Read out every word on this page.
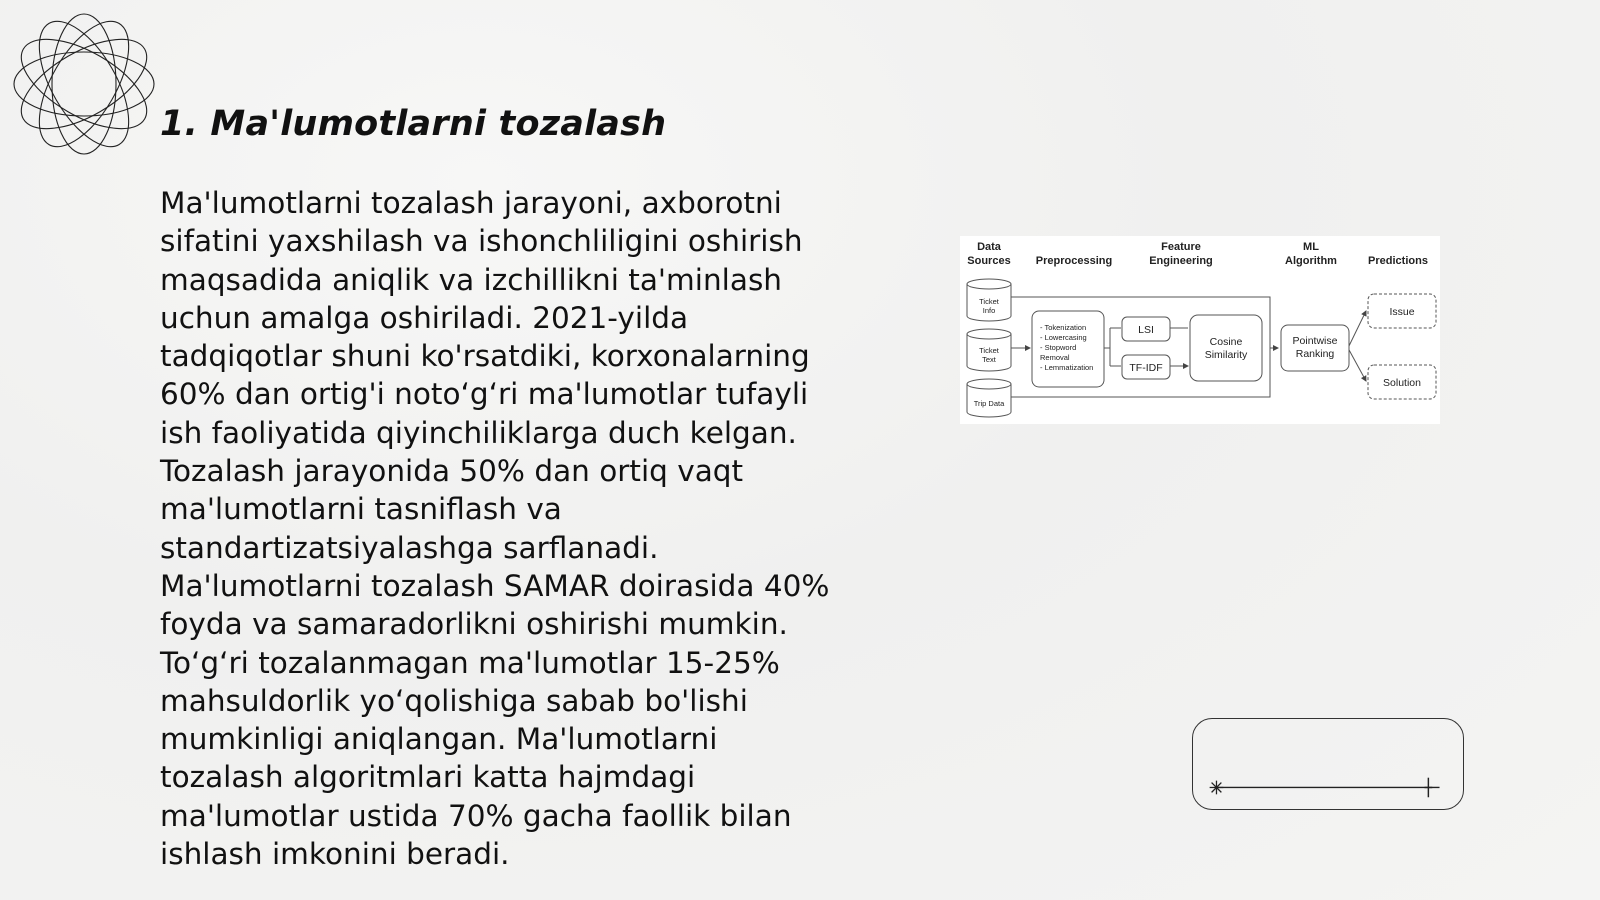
1. Ma'lumotlarni tozalash

Ma'lumotlarni tozalash jarayoni, axborotni
sifatini yaxshilash va ishonchliligini oshirish
maqsadida aniqlik va izchillikni ta'minlash
uchun amalga oshiriladi. 2021-yilda
tadqiqotlar shuni ko'rsatdiki, korxonalarning
60% dan ortig'i noto‘g‘ri ma'lumotlar tufayli
ish faoliyatida qiyinchiliklarga duch kelgan.
Tozalash jarayonida 50% dan ortiq vaqt
ma'lumotlarni tasniflash va
standartizatsiyalashga sarflanadi.
Ma'lumotlarni tozalash SAMAR doirasida 40%
foyda va samaradorlikni oshirishi mumkin.
To‘g‘ri tozalanmagan ma'lumotlar 15-25%
mahsuldorlik yo‘qolishiga sabab bo'lishi
mumkinligi aniqlangan. Ma'lumotlarni
tozalash algoritmlari katta hajmdagi
ma'lumotlar ustida 70% gacha faollik bilan
ishlash imkonini beradi.

Data
Sources Preprocessing
Feature
Engineering
ML
Algorithm	Predictions
Ticket
Info
Ticket
Text
Trip Data
- Tokenization
- Lowercasing
- Stopword
Removal
- Lemmatization
LSI
TF-IDF
Cosine
Similarity
Pointwise
Ranking
Issue
Solution
